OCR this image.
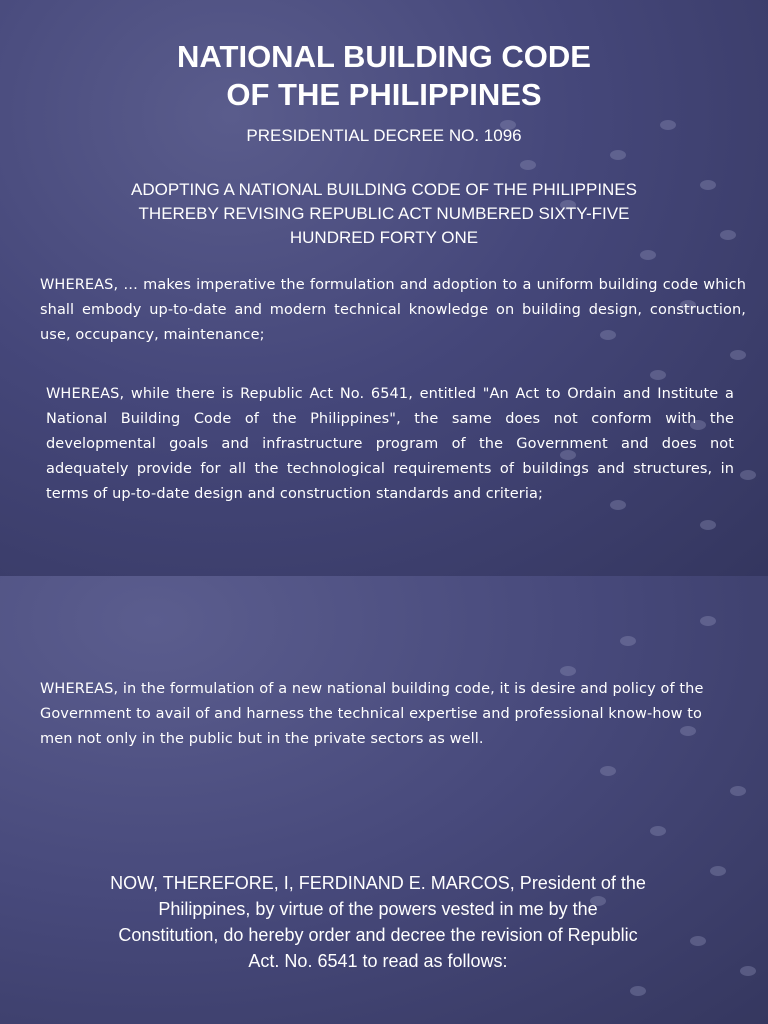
NATIONAL BUILDING CODE
OF THE PHILIPPINES
PRESIDENTIAL DECREE NO. 1096
ADOPTING A NATIONAL BUILDING CODE OF THE PHILIPPINES
THEREBY REVISING REPUBLIC ACT NUMBERED SIXTY-FIVE
HUNDRED FORTY ONE
WHEREAS, … makes imperative the formulation and adoption to a uniform building code which shall embody up-to-date and modern technical knowledge on building design, construction, use, occupancy, maintenance;
WHEREAS, while there is Republic Act No. 6541, entitled "An Act to Ordain and Institute a National Building Code of the Philippines", the same does not conform with the developmental goals and infrastructure program of the Government and does not adequately provide for all the technological requirements of buildings and structures, in terms of up-to-date design and construction standards and criteria;
WHEREAS, in the formulation of a new national building code, it is desire and policy of the Government to avail of and harness the technical expertise and professional know-how to men not only in the public but in the private sectors as well.
NOW, THEREFORE, I, FERDINAND E. MARCOS, President of the
Philippines, by virtue of the powers vested in me by the
Constitution, do hereby order and decree the revision of Republic
Act. No. 6541 to read as follows:
